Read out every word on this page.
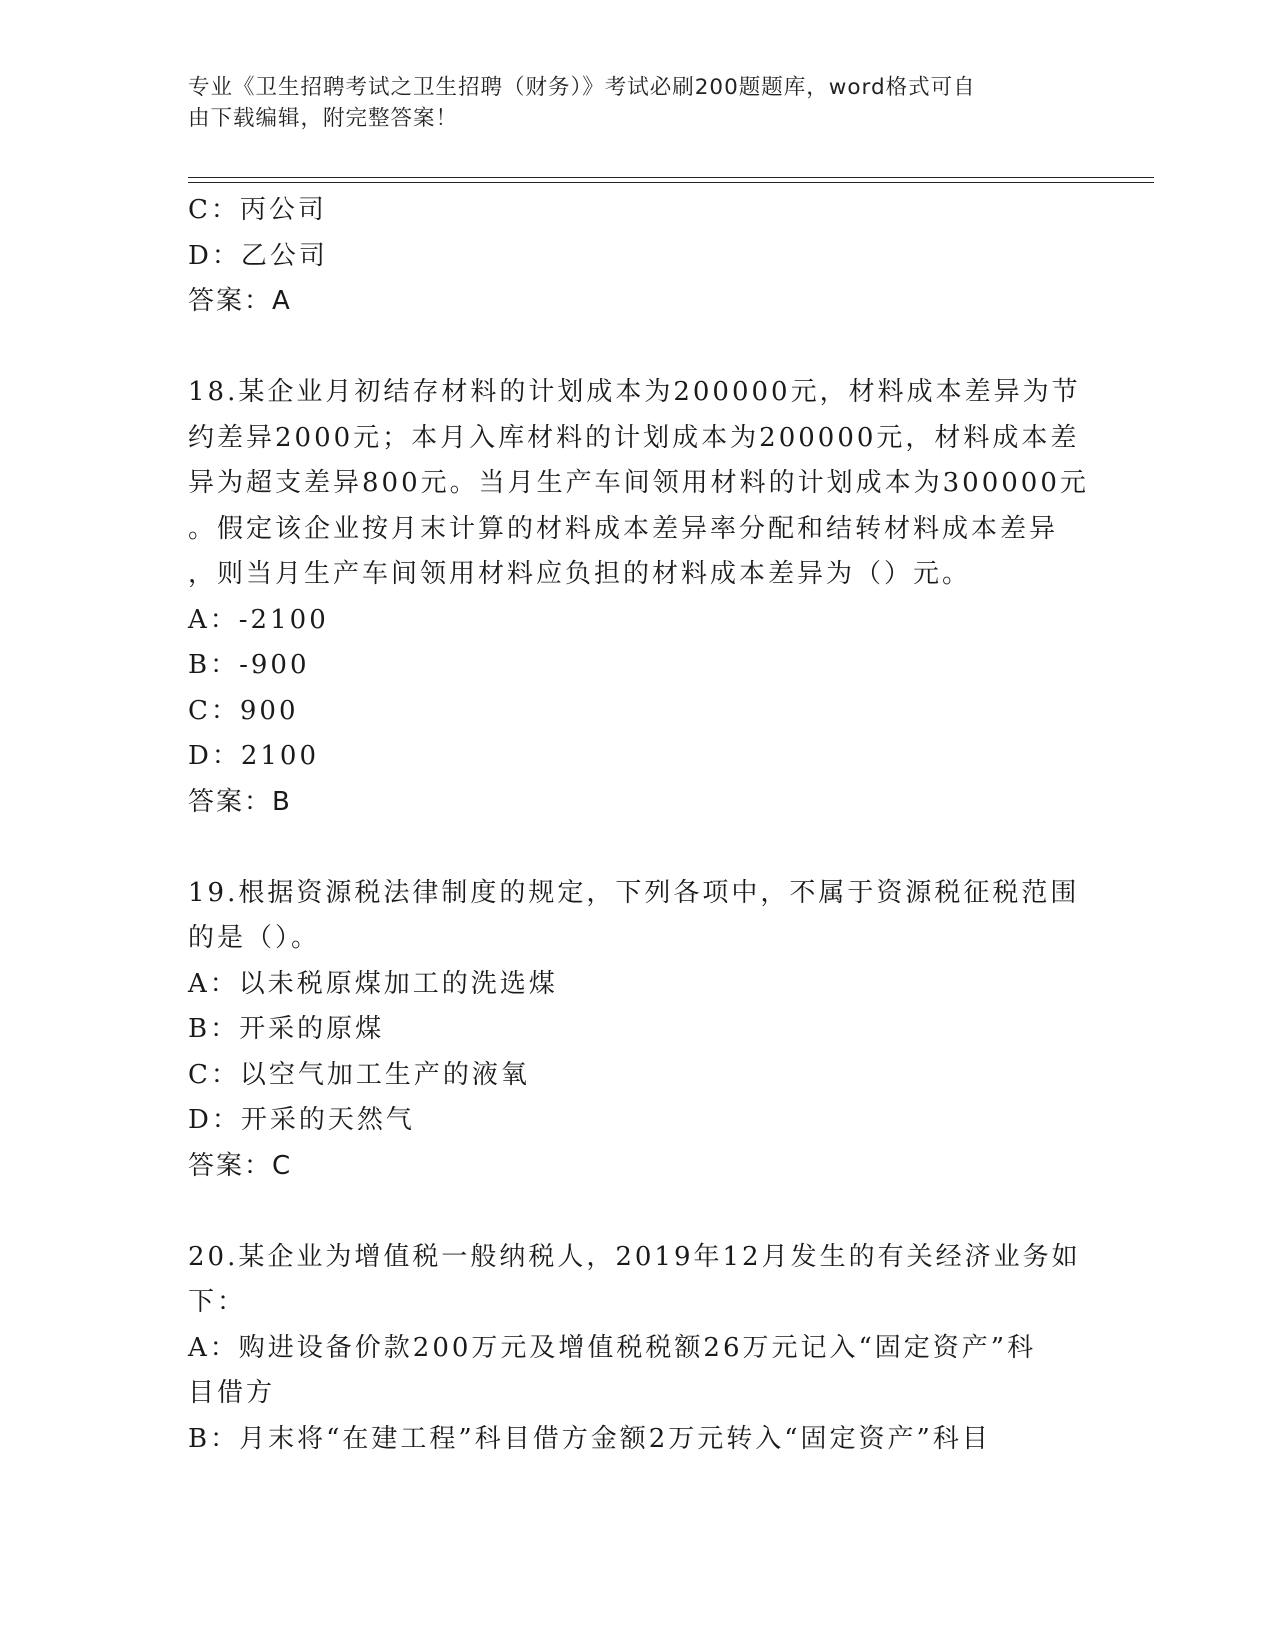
专业《卫生招聘考试之卫生招聘（财务）》考试必刷200题题库，word格式可自
由下载编辑，附完整答案！
C：丙公司
D：乙公司
答案：A
18.某企业月初结存材料的计划成本为200000元，材料成本差异为节
约差异2000元；本月入库材料的计划成本为200000元，材料成本差
异为超支差异800元。当月生产车间领用材料的计划成本为300000元
。假定该企业按月末计算的材料成本差异率分配和结转材料成本差异
，则当月生产车间领用材料应负担的材料成本差异为（）元。
A：-2100
B：-900
C：900
D：2100
答案：B
19.根据资源税法律制度的规定，下列各项中，不属于资源税征税范围
的是（）。
A：以未税原煤加工的洗选煤
B：开采的原煤
C：以空气加工生产的液氧
D：开采的天然气
答案：C
20.某企业为增值税一般纳税人，2019年12月发生的有关经济业务如
下：
A：购进设备价款200万元及增值税税额26万元记入“固定资产”科
目借方
B：月末将“在建工程”科目借方金额2万元转入“固定资产”科目
